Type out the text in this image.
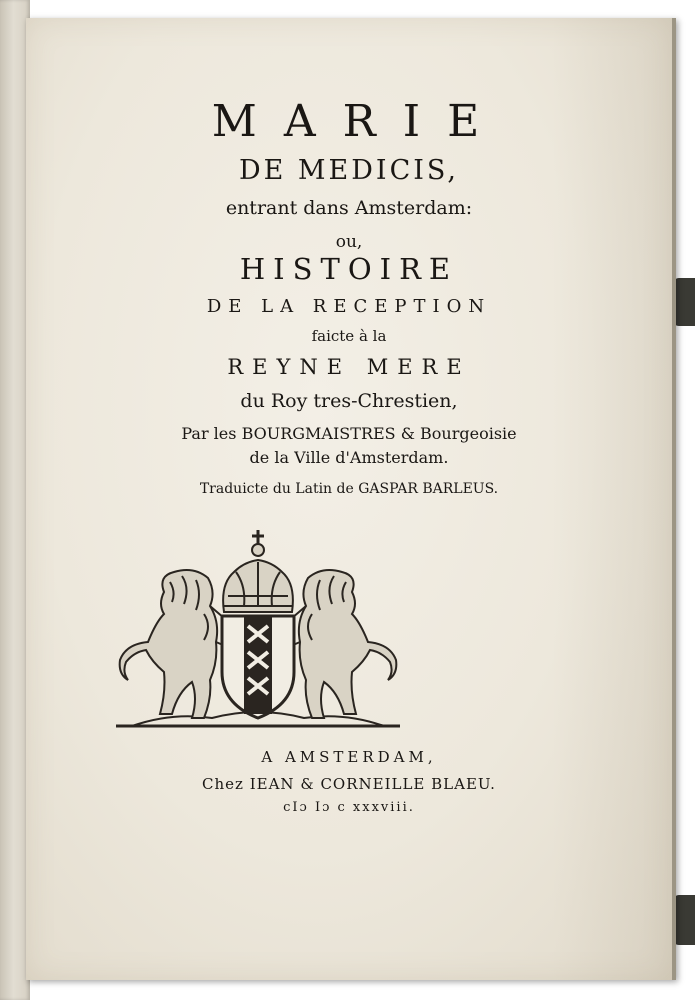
MARIE
DE MEDICIS,
entrant dans Amsterdam:
ou,
HISTOIRE
DE LA RECEPTION
faicte à la
REYNE MERE
du Roy tres-Chrestien,
Par les BOURGMAISTRES & Bourgeoisie
de la Ville d'Amsterdam.
Traduicte du Latin de GASPAR BARLEUS.
A AMSTERDAM,
Chez IEAN & CORNEILLE BLAEU.
cIɔ Iɔ c xxxviii.
